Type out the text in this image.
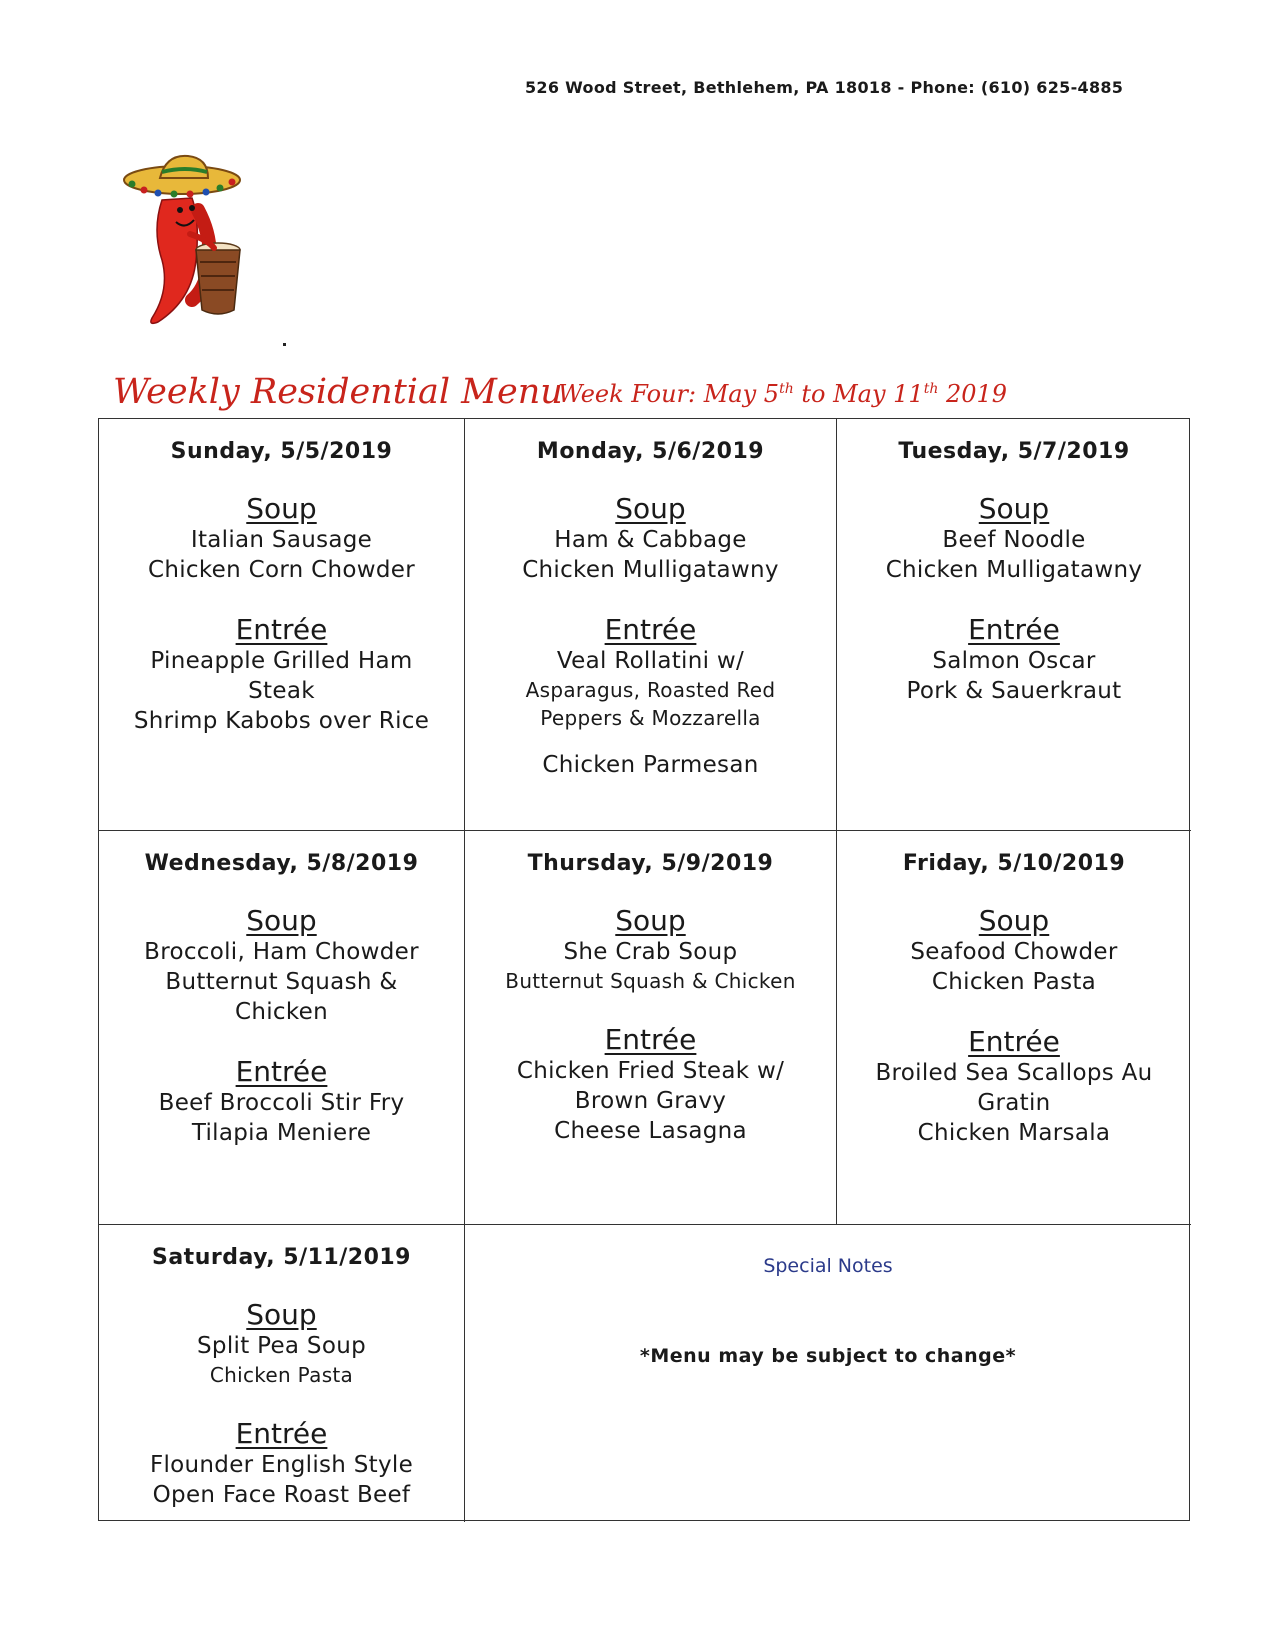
526 Wood Street, Bethlehem, PA 18018 - Phone: (610) 625-4885
Weekly Residential Menu
Week Four: May 5th to May 11th 2019
Sunday, 5/5/2019
Soup
Italian Sausage
Chicken Corn Chowder
Entrée
Pineapple Grilled Ham
Steak
Shrimp Kabobs over Rice
Monday, 5/6/2019
Soup
Ham & Cabbage
Chicken Mulligatawny
Entrée
Veal Rollatini w/
Asparagus, Roasted Red
Peppers & Mozzarella
Chicken Parmesan
Tuesday, 5/7/2019
Soup
Beef Noodle
Chicken Mulligatawny
Entrée
Salmon Oscar
Pork & Sauerkraut
Wednesday, 5/8/2019
Soup
Broccoli, Ham Chowder
Butternut Squash &
Chicken
Entrée
Beef Broccoli Stir Fry
Tilapia Meniere
Thursday, 5/9/2019
Soup
She Crab Soup
Butternut Squash & Chicken
Entrée
Chicken Fried Steak w/
Brown Gravy
Cheese Lasagna
Friday, 5/10/2019
Soup
Seafood Chowder
Chicken Pasta
Entrée
Broiled Sea Scallops Au
Gratin
Chicken Marsala
Saturday, 5/11/2019
Soup
Split Pea Soup
Chicken Pasta
Entrée
Flounder English Style
Open Face Roast Beef
Special Notes
*Menu may be subject to change*
